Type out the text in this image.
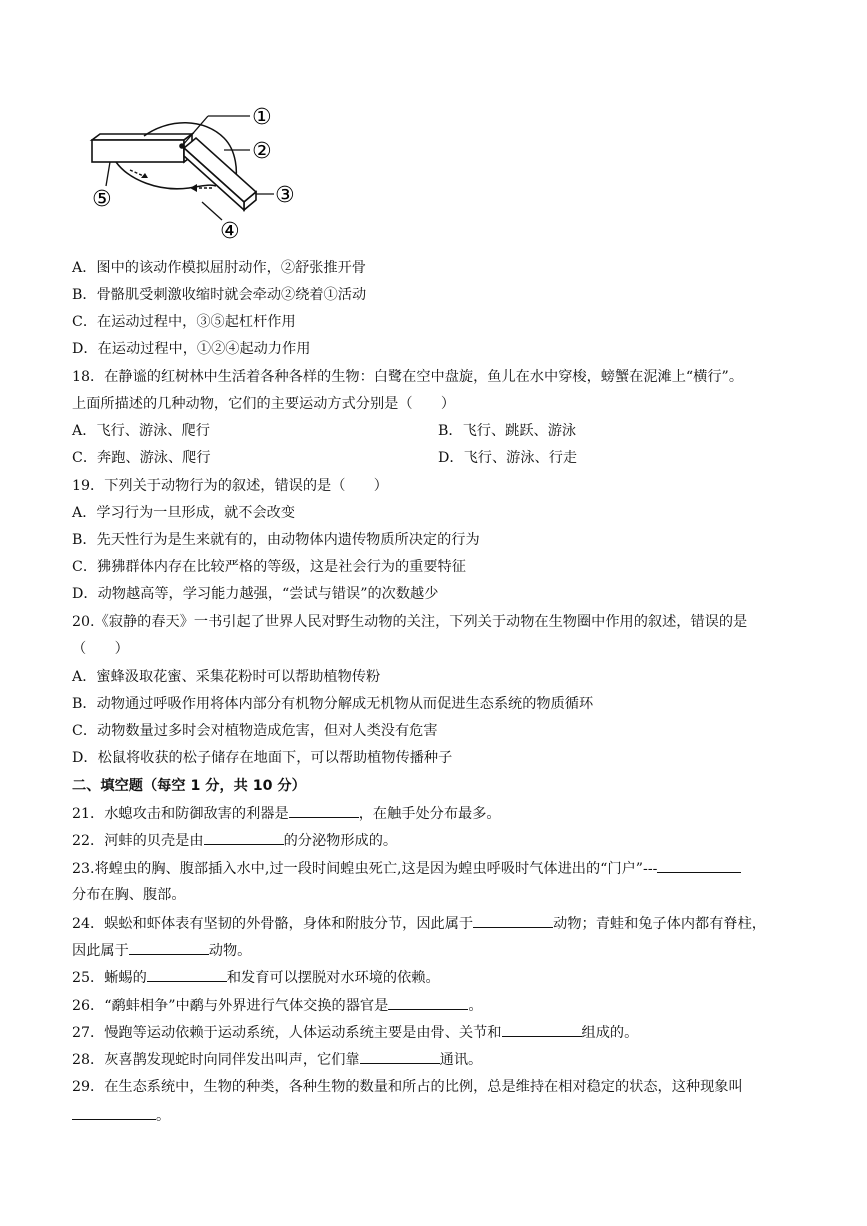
①
②
③
④
⑤
A．图中的该动作模拟屈肘动作，②舒张推开骨
B．骨骼肌受刺激收缩时就会牵动②绕着①活动
C．在运动过程中，③⑤起杠杆作用
D．在运动过程中，①②④起动力作用
18．在静谧的红树林中生活着各种各样的生物：白鹭在空中盘旋，鱼儿在水中穿梭，螃蟹在泥滩上“横行”。
上面所描述的几种动物，它们的主要运动方式分别是（　　）
A．飞行、游泳、爬行	B．飞行、跳跃、游泳
C．奔跑、游泳、爬行	D．飞行、游泳、行走
19．下列关于动物行为的叙述，错误的是（　　）
A．学习行为一旦形成，就不会改变
B．先天性行为是生来就有的，由动物体内遗传物质所决定的行为
C．狒狒群体内存在比较严格的等级，这是社会行为的重要特征
D．动物越高等，学习能力越强，“尝试与错误”的次数越少
20.《寂静的春天》一书引起了世界人民对野生动物的关注，下列关于动物在生物圈中作用的叙述，错误的是
（　　）
A．蜜蜂汲取花蜜、采集花粉时可以帮助植物传粉
B．动物通过呼吸作用将体内部分有机物分解成无机物从而促进生态系统的物质循环
C．动物数量过多时会对植物造成危害，但对人类没有危害
D．松鼠将收获的松子储存在地面下，可以帮助植物传播种子
二、填空题（每空 1 分，共 10 分）
21．水螅攻击和防御敌害的利器是	，在触手处分布最多。
22．河蚌的贝壳是由	的分泌物形成的。
23.将蝗虫的胸、腹部插入水中,过一段时间蝗虫死亡,这是因为蝗虫呼吸时气体进出的“门户”---
分布在胸、腹部。
24．蜈蚣和虾体表有坚韧的外骨骼，身体和附肢分节，因此属于	动物；青蛙和兔子体内都有脊柱，
因此属于	动物。
25．蜥蜴的	和发育可以摆脱对水环境的依赖。
26．“鹬蚌相争”中鹬与外界进行气体交换的器官是	。
27．慢跑等运动依赖于运动系统，人体运动系统主要是由骨、关节和	组成的。
28．灰喜鹊发现蛇时向同伴发出叫声，它们靠	通讯。
29．在生态系统中，生物的种类，各种生物的数量和所占的比例，总是维持在相对稳定的状态，这种现象叫
。
